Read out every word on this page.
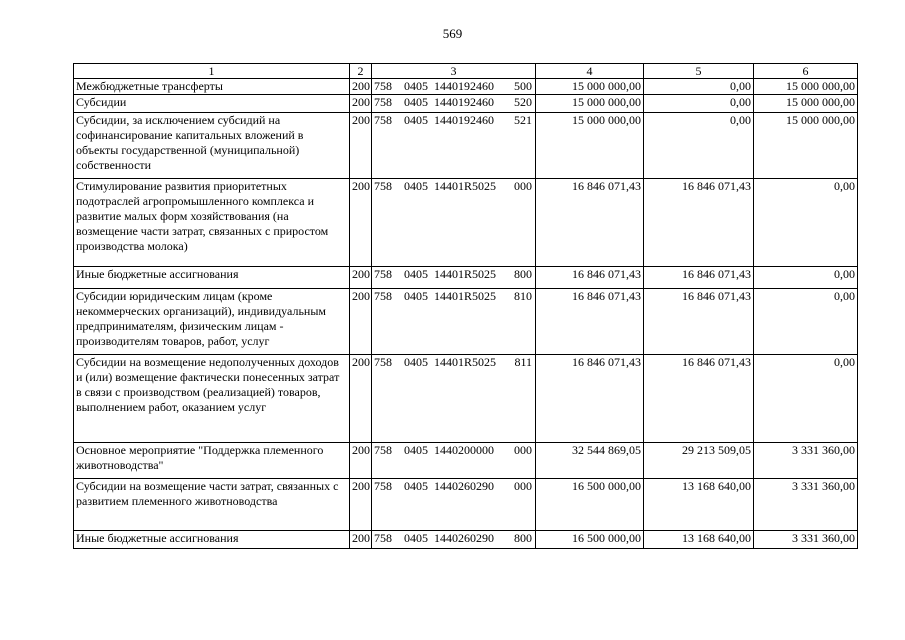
569
1	2	3	4	5	6
Межбюджетные трансферты	200	758 0405 1440192460 500	15 000 000,00	0,00	15 000 000,00
Субсидии	200	758 0405 1440192460 520	15 000 000,00	0,00	15 000 000,00
Субсидии, за исключением субсидий на софинансирование капитальных вложений в объекты государственной (муниципальной) собственности	200	758 0405 1440192460 521	15 000 000,00	0,00	15 000 000,00
Стимулирование развития приоритетных подотраслей агропромышленного комплекса и развитие малых форм хозяйствования (на возмещение части затрат, связанных с приростом производства молока)	200	758 0405 14401R5025 000	16 846 071,43	16 846 071,43	0,00
Иные бюджетные ассигнования	200	758 0405 14401R5025 800	16 846 071,43	16 846 071,43	0,00
Субсидии юридическим лицам (кроме некоммерческих организаций), индивидуальным предпринимателям, физическим лицам - производителям товаров, работ, услуг	200	758 0405 14401R5025 810	16 846 071,43	16 846 071,43	0,00
Субсидии на возмещение недополученных доходов и (или) возмещение фактически понесенных затрат в связи с производством (реализацией) товаров, выполнением работ, оказанием услуг	200	758 0405 14401R5025 811	16 846 071,43	16 846 071,43	0,00
Основное мероприятие "Поддержка племенного животноводства"	200	758 0405 1440200000 000	32 544 869,05	29 213 509,05	3 331 360,00
Субсидии на возмещение части затрат, связанных с развитием племенного животноводства	200	758 0405 1440260290 000	16 500 000,00	13 168 640,00	3 331 360,00
Иные бюджетные ассигнования	200	758 0405 1440260290 800	16 500 000,00	13 168 640,00	3 331 360,00
